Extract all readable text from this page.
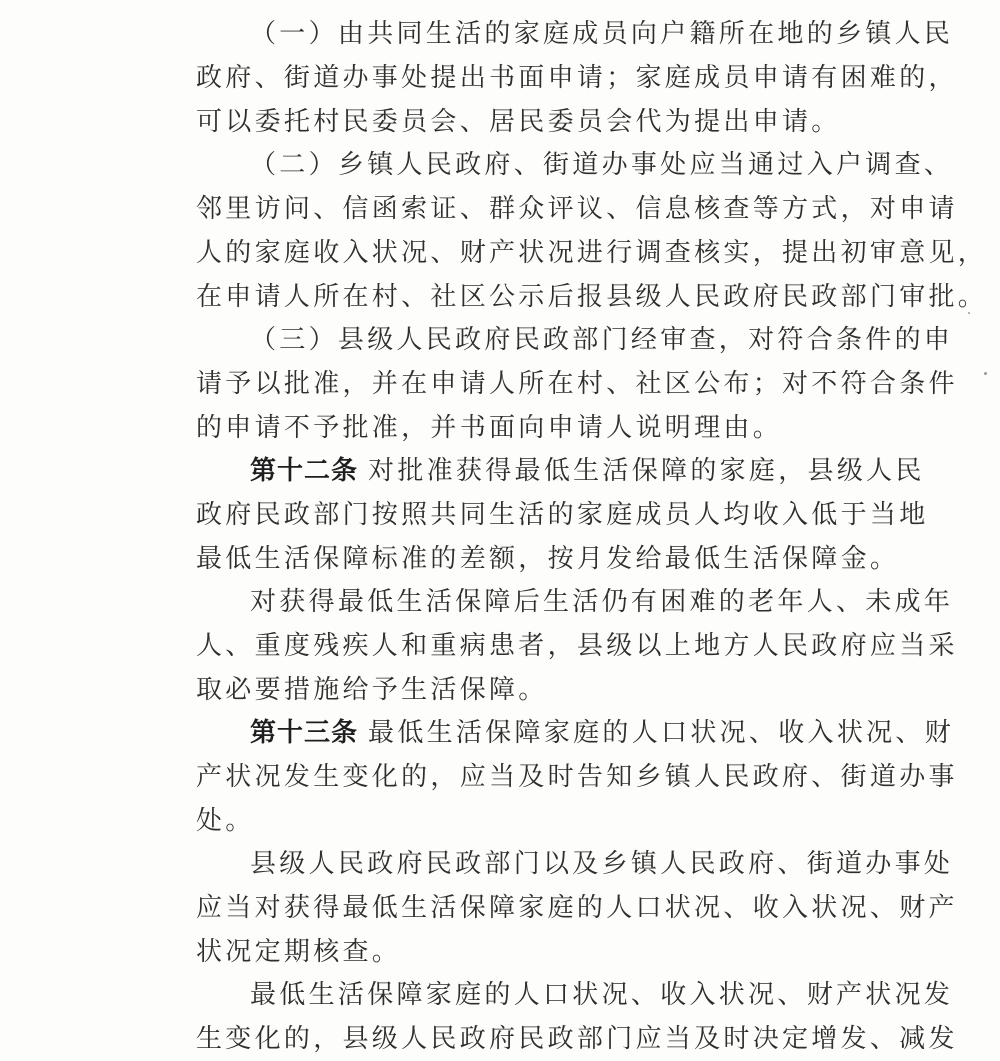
（一）由共同生活的家庭成员向户籍所在地的乡镇人民
政府、街道办事处提出书面申请；家庭成员申请有困难的，
可以委托村民委员会、居民委员会代为提出申请。
（二）乡镇人民政府、街道办事处应当通过入户调查、
邻里访问、信函索证、群众评议、信息核查等方式，对申请
人的家庭收入状况、财产状况进行调查核实，提出初审意见，
在申请人所在村、社区公示后报县级人民政府民政部门审批。
（三）县级人民政府民政部门经审查，对符合条件的申
请予以批准，并在申请人所在村、社区公布；对不符合条件
的申请不予批准，并书面向申请人说明理由。
第十二条 对批准获得最低生活保障的家庭，县级人民
政府民政部门按照共同生活的家庭成员人均收入低于当地
最低生活保障标准的差额，按月发给最低生活保障金。
对获得最低生活保障后生活仍有困难的老年人、未成年
人、重度残疾人和重病患者，县级以上地方人民政府应当采
取必要措施给予生活保障。
第十三条 最低生活保障家庭的人口状况、收入状况、财
产状况发生变化的，应当及时告知乡镇人民政府、街道办事
处。
县级人民政府民政部门以及乡镇人民政府、街道办事处
应当对获得最低生活保障家庭的人口状况、收入状况、财产
状况定期核查。
最低生活保障家庭的人口状况、收入状况、财产状况发
生变化的，县级人民政府民政部门应当及时决定增发、减发
